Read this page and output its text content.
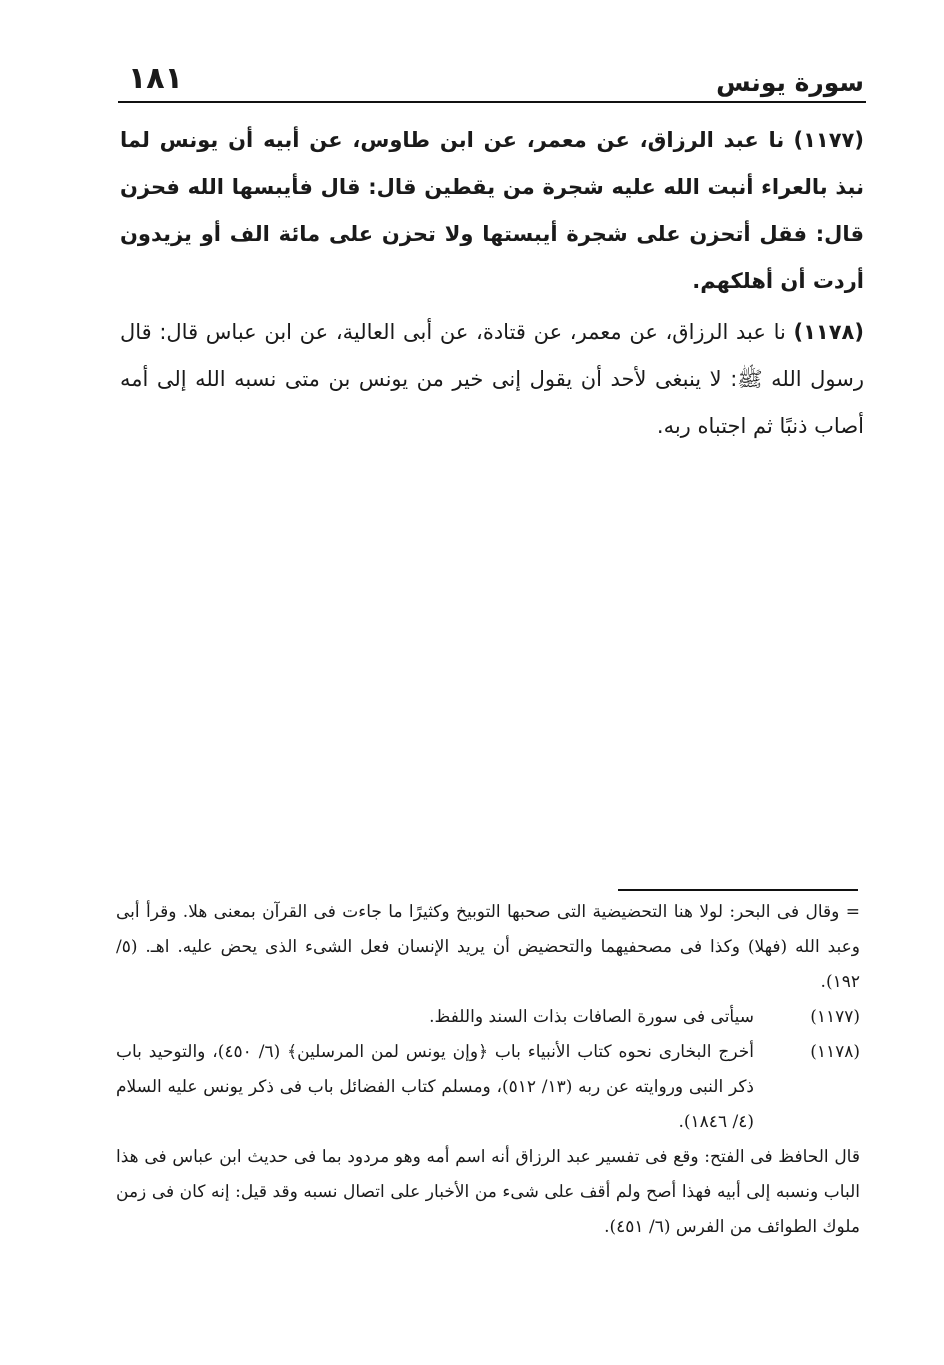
سورة يونس
١٨١

(١١٧٧) نا عبد الرزاق، عن معمر، عن ابن طاوس، عن أبيه أن يونس لما نبذ بالعراء أنبت الله عليه شجرة من يقطين قال: قال فأيبسها الله فحزن قال: فقل أتحزن على شجرة أيبستها ولا تحزن على مائة الف أو يزيدون أردت أن أهلكهم.

(١١٧٨) نا عبد الرزاق، عن معمر، عن قتادة، عن أبى العالية، عن ابن عباس قال: قال رسول الله ﷺ: لا ينبغى لأحد أن يقول إنى خير من يونس بن متى نسبه الله إلى أمه أصاب ذنبًا ثم اجتباه ربه.

= وقال فى البحر: لولا هنا التحضيضية التى صحبها التوبيخ وكثيرًا ما جاءت فى القرآن بمعنى هلا. وقرأ أبى وعبد الله (فهلا) وكذا فى مصحفيهما والتحضيض أن يريد الإنسان فعل الشىء الذى يحض عليه. اهـ. (٥/ ١٩٢).
(١١٧٧)
سيأتى فى سورة الصافات بذات السند واللفظ.
(١١٧٨)
أخرج البخارى نحوه كتاب الأنبياء باب ﴿وإن يونس لمن المرسلين﴾ (٦/ ٤٥٠)، والتوحيد باب ذكر النبى وروايته عن ربه (١٣/ ٥١٢)، ومسلم كتاب الفضائل باب فى ذكر يونس عليه السلام (٤/ ١٨٤٦).
قال الحافظ فى الفتح: وقع فى تفسير عبد الرزاق أنه اسم أمه وهو مردود بما فى حديث ابن عباس فى هذا الباب ونسبه إلى أبيه فهذا أصح ولم أقف على شىء من الأخبار على اتصال نسبه وقد قيل: إنه كان فى زمن ملوك الطوائف من الفرس (٦/ ٤٥١).
